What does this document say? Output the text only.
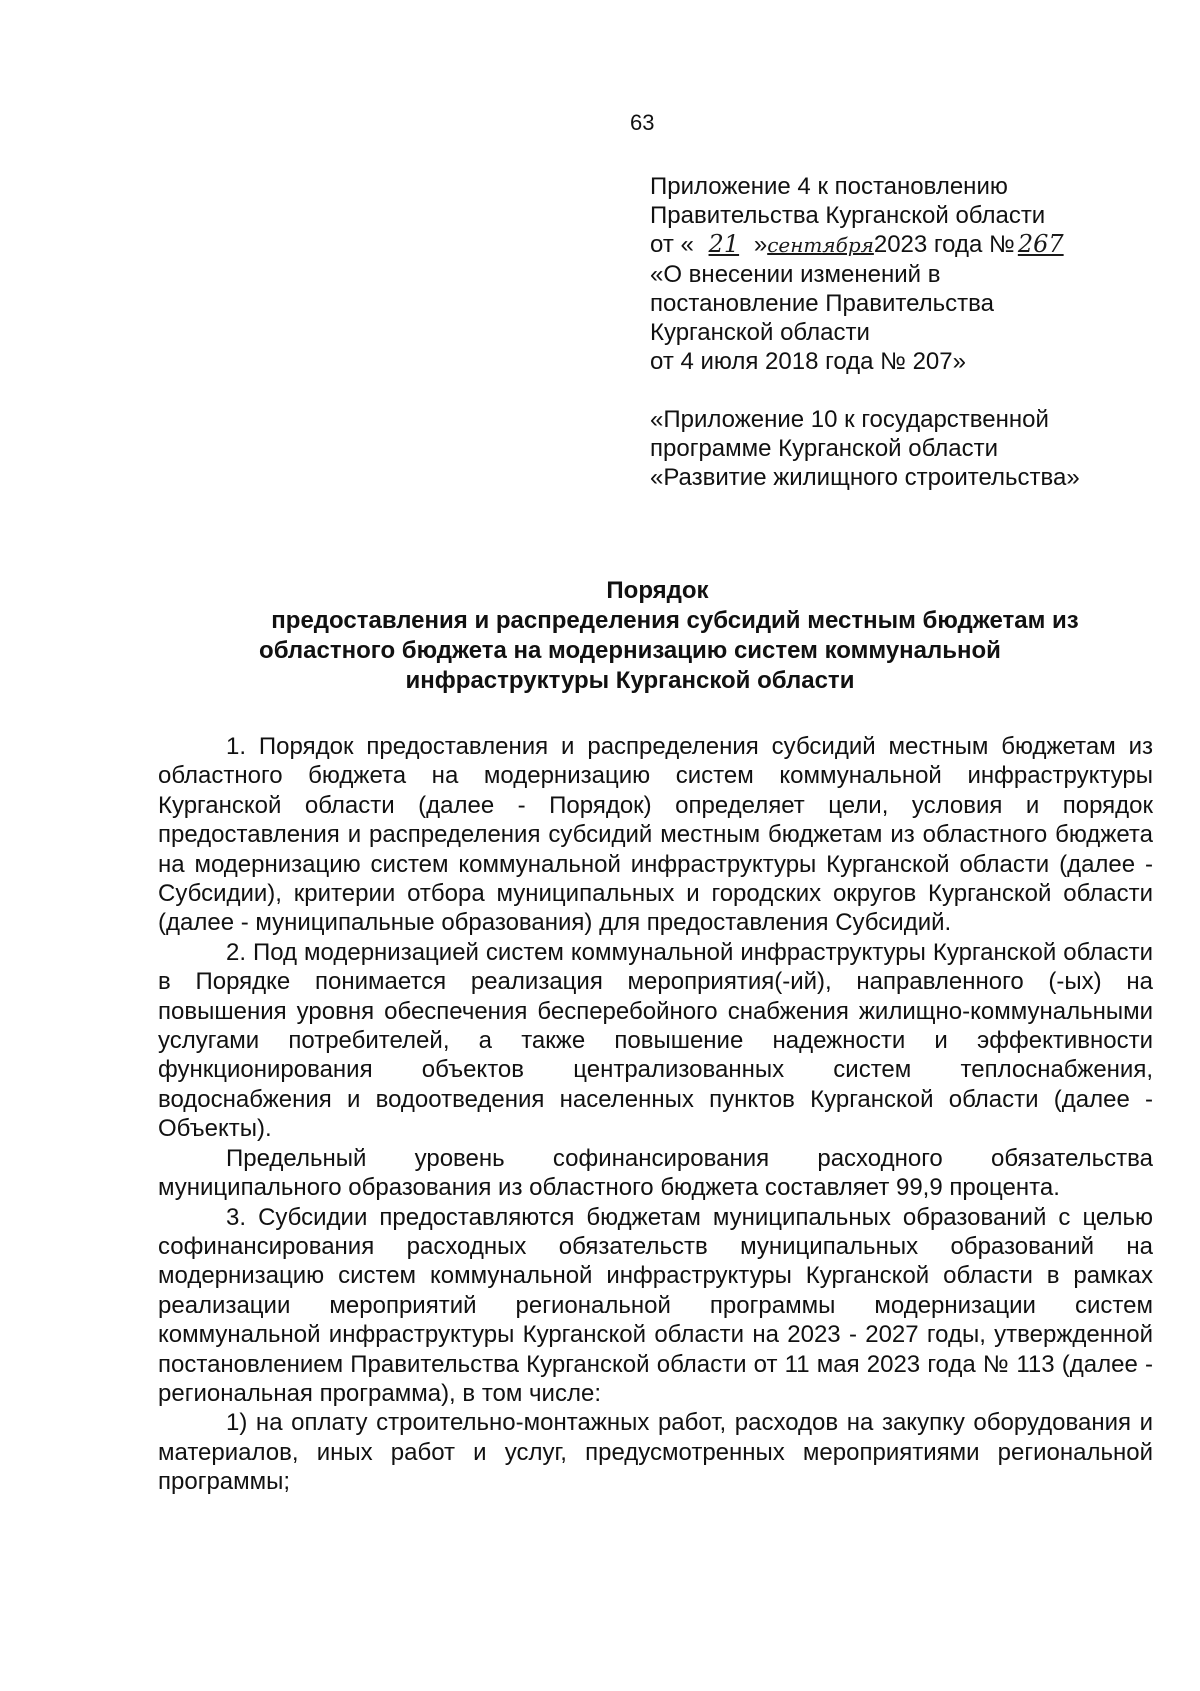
63
Приложение 4 к постановлению
Правительства Курганской области
от « 21 »сентября 2023 года № 267
«О внесении изменений в
постановление Правительства
Курганской области
от 4 июля 2018 года № 207»
«Приложение 10 к государственной
программе Курганской области
«Развитие жилищного строительства»
Порядок
предоставления и распределения субсидий местным бюджетам из
областного бюджета на модернизацию систем коммунальной
инфраструктуры Курганской области

1. Порядок предоставления и распределения субсидий местным бюджетам из областного бюджета на модернизацию систем коммунальной инфраструктуры Курганской области (далее - Порядок) определяет цели, условия и порядок предоставления и распределения субсидий местным бюджетам из областного бюджета на модернизацию систем коммунальной инфраструктуры Курганской области (далее - Субсидии), критерии отбора муниципальных и городских округов Курганской области (далее - муниципальные образования) для предоставления Субсидий.

2. Под модернизацией систем коммунальной инфраструктуры Курганской области в Порядке понимается реализация мероприятия(-ий), направленного (-ых) на повышения уровня обеспечения бесперебойного снабжения жилищно-коммунальными услугами потребителей, а также повышение надежности и эффективности функционирования объектов централизованных систем теплоснабжения, водоснабжения и водоотведения населенных пунктов Курганской области (далее - Объекты).

Предельный уровень софинансирования расходного обязательства муниципального образования из областного бюджета составляет 99,9 процента.

3. Субсидии предоставляются бюджетам муниципальных образований с целью софинансирования расходных обязательств муниципальных образований на модернизацию систем коммунальной инфраструктуры Курганской области в рамках реализации мероприятий региональной программы модернизации систем коммунальной инфраструктуры Курганской области на 2023 - 2027 годы, утвержденной постановлением Правительства Курганской области от 11 мая 2023 года № 113 (далее - региональная программа), в том числе:

1) на оплату строительно-монтажных работ, расходов на закупку оборудования и материалов, иных работ и услуг, предусмотренных мероприятиями региональной программы;
